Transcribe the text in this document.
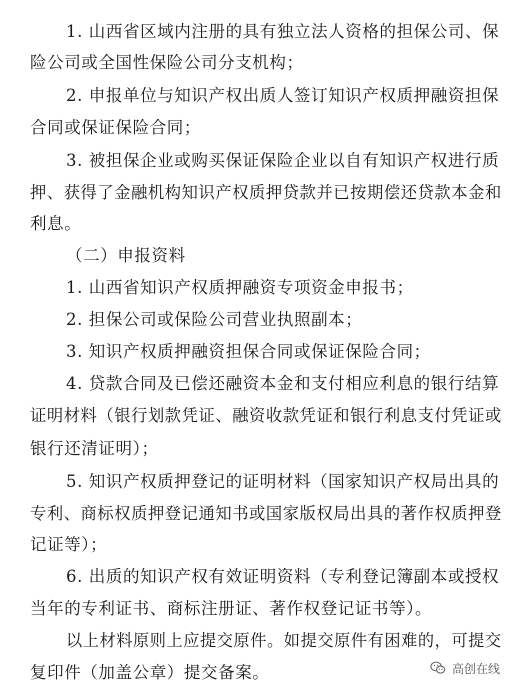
1. 山西省区域内注册的具有独立法人资格的担保公司、保
险公司或全国性保险公司分支机构；
2. 申报单位与知识产权出质人签订知识产权质押融资担保
合同或保证保险合同；
3. 被担保企业或购买保证保险企业以自有知识产权进行质
押、获得了金融机构知识产权质押贷款并已按期偿还贷款本金和
利息。
（二）申报资料
1. 山西省知识产权质押融资专项资金申报书；
2. 担保公司或保险公司营业执照副本；
3. 知识产权质押融资担保合同或保证保险合同；
4. 贷款合同及已偿还融资本金和支付相应利息的银行结算
证明材料（银行划款凭证、融资收款凭证和银行利息支付凭证或
银行还清证明）；
5. 知识产权质押登记的证明材料（国家知识产权局出具的
专利、商标权质押登记通知书或国家版权局出具的著作权质押登
记证等）；
6. 出质的知识产权有效证明资料（专利登记簿副本或授权
当年的专利证书、商标注册证、著作权登记证书等）。
以上材料原则上应提交原件。如提交原件有困难的，可提交
复印件（加盖公章）提交备案。	高创在线
